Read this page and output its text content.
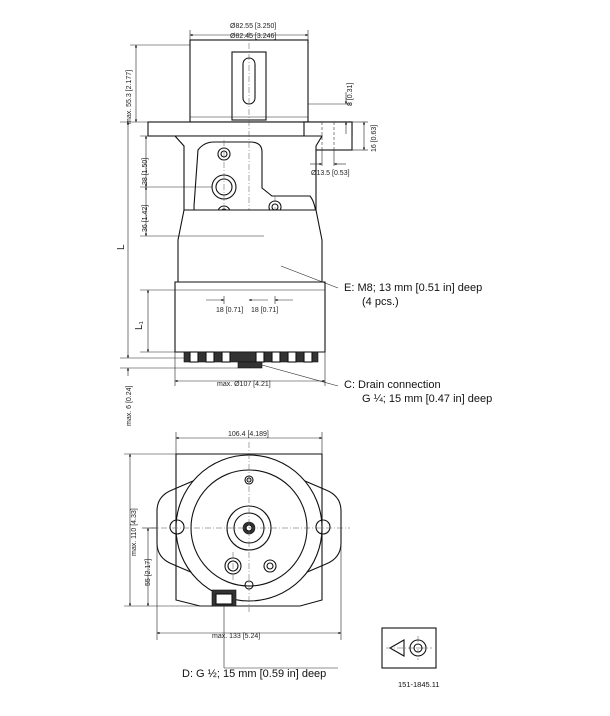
Ø82.55 [3.250]
Ø82.45 [3.246]
max. 55.3 [2.177]	8 [0.31]
16 [0.63]
Ø13.5 [0.53]
38 [1.50]
36 [1.42]
L
L₁
18 [0.71] 18 [0.71]
max. 6 [0.24]
max. Ø107 [4.21]
E: M8; 13 mm [0.51 in] deep
(4 pcs.)
C: Drain connection
G ¼; 15 mm [0.47 in] deep
106.4 [4.189]
max. 110 [4.33]
55 [2.17]
max. 133 [5.24]
D: G ½; 15 mm [0.59 in] deep
151-1845.11
